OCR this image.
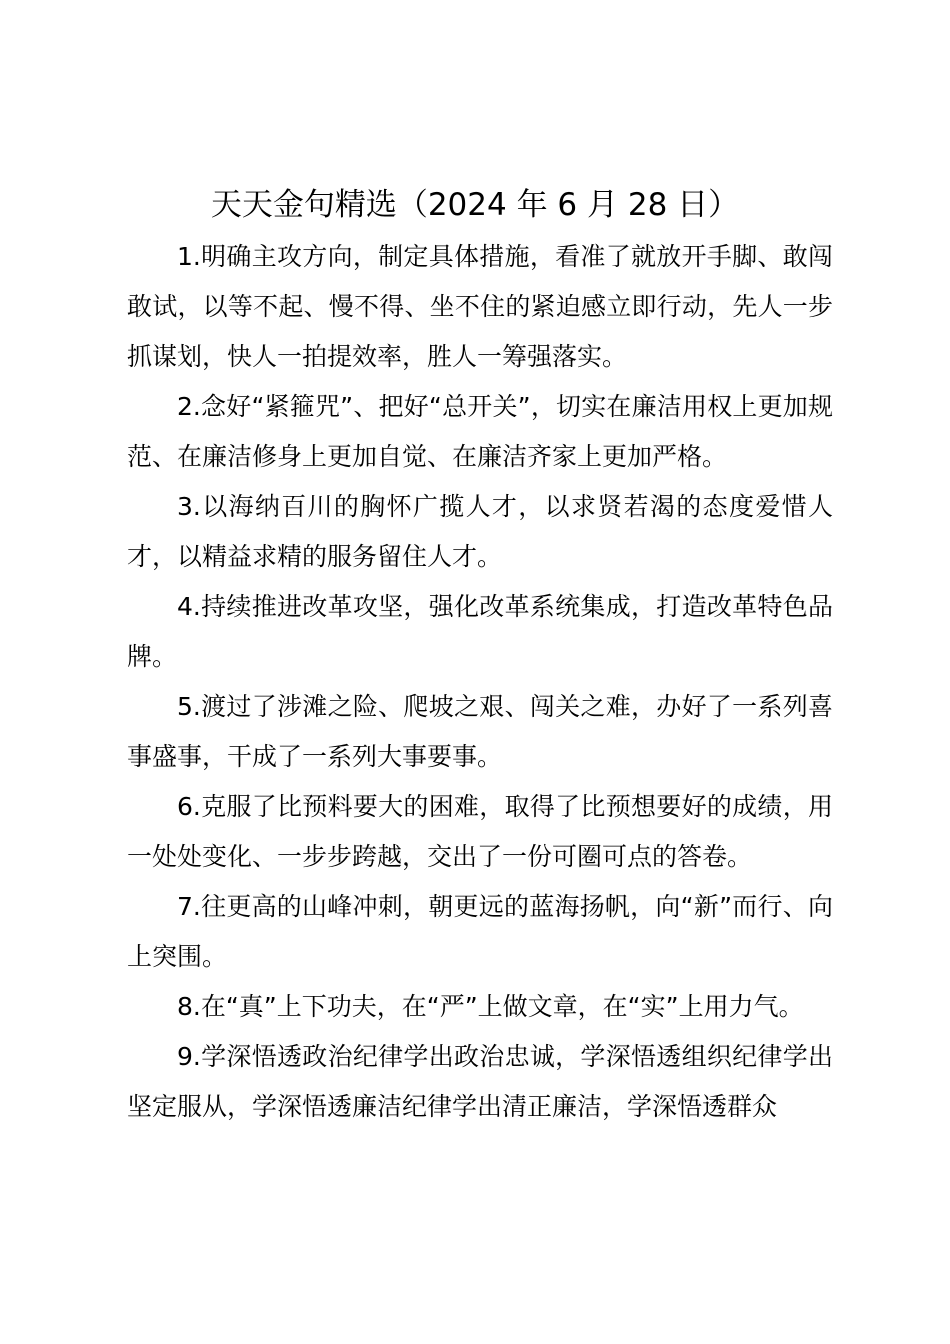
天天金句精选（2024 年 6 月 28 日）

1.明确主攻方向，制定具体措施，看准了就放开手脚、敢闯敢试，以等不起、慢不得、坐不住的紧迫感立即行动，先人一步抓谋划，快人一拍提效率，胜人一筹强落实。

2.念好“紧箍咒”、把好“总开关”，切实在廉洁用权上更加规范、在廉洁修身上更加自觉、在廉洁齐家上更加严格。

3.以海纳百川的胸怀广揽人才，以求贤若渴的态度爱惜人才，以精益求精的服务留住人才。

4.持续推进改革攻坚，强化改革系统集成，打造改革特色品牌。

5.渡过了涉滩之险、爬坡之艰、闯关之难，办好了一系列喜事盛事，干成了一系列大事要事。

6.克服了比预料要大的困难，取得了比预想要好的成绩，用一处处变化、一步步跨越，交出了一份可圈可点的答卷。

7.往更高的山峰冲刺，朝更远的蓝海扬帆，向“新”而行、向上突围。

8.在“真”上下功夫，在“严”上做文章，在“实”上用力气。

9.学深悟透政治纪律学出政治忠诚，学深悟透组织纪律学出坚定服从，学深悟透廉洁纪律学出清正廉洁，学深悟透群众
